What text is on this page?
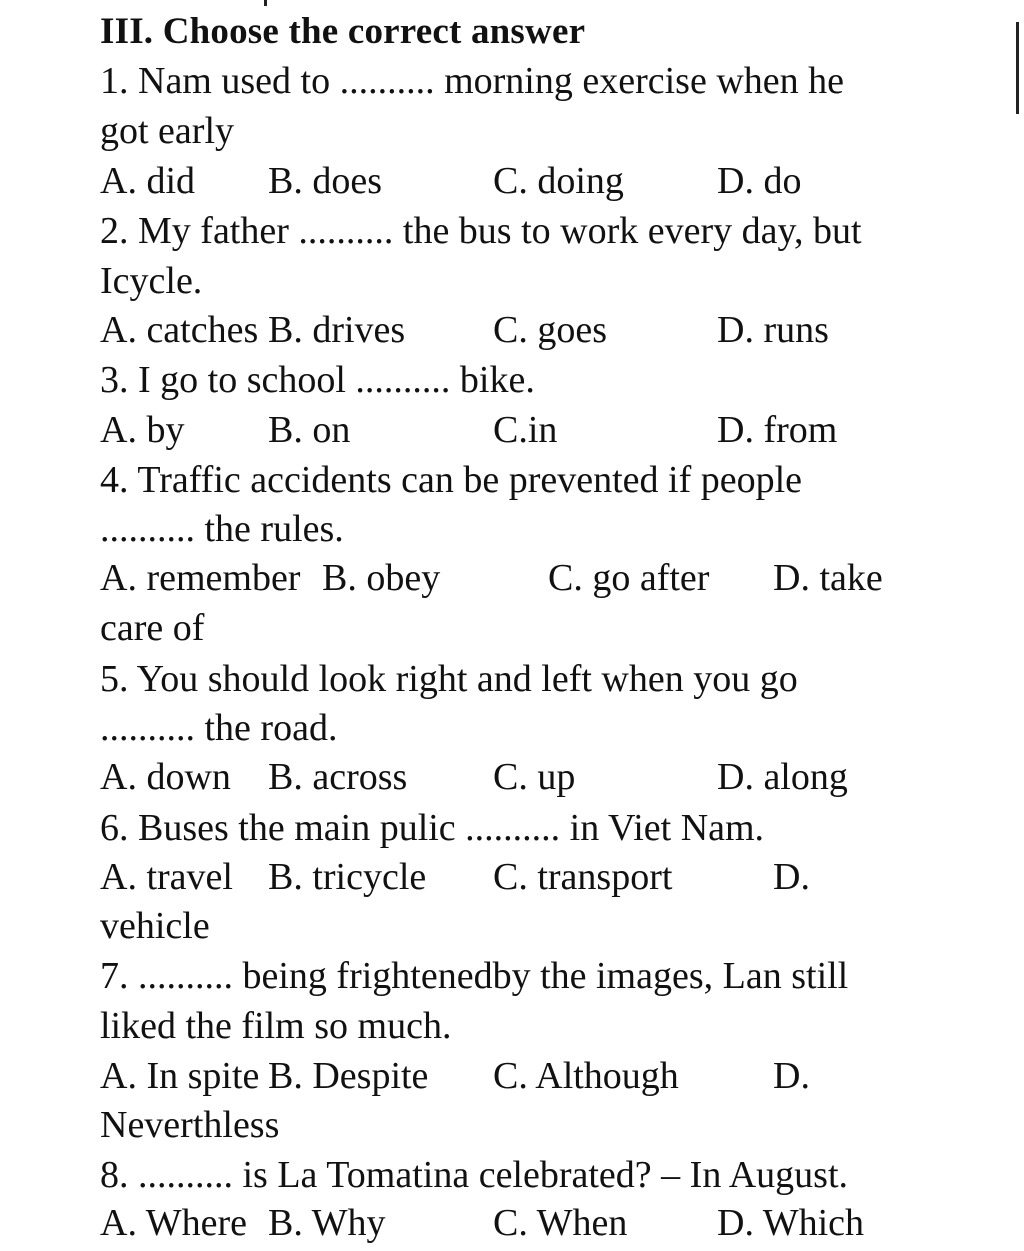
III. Choose the correct answer
1. Nam used to .......... morning exercise when he
got early
A. did B. does	C. doing D. do
2. My father .......... the bus to work every day, but
Icycle.
A. catches B. drives C. goes	D. runs
3. I go to school .......... bike.
A. by B. on	C.in	D. from
4. Traffic accidents can be prevented if people
.......... the rules.
A. remember B. obey	C. go after D. take
care of
5. You should look right and left when you go
.......... the road.
A. down B. across C. up	D. along
6. Buses the main pulic .......... in Viet Nam.
A. travel B. tricycle C. transport	D.
vehicle
7. .......... being frightenedby the images, Lan still
liked the film so much.
A. In spite B. Despite C. Although D.
Neverthless
8. .......... is La Tomatina celebrated? – In August.
A. Where B. Why	C. When D. Which
